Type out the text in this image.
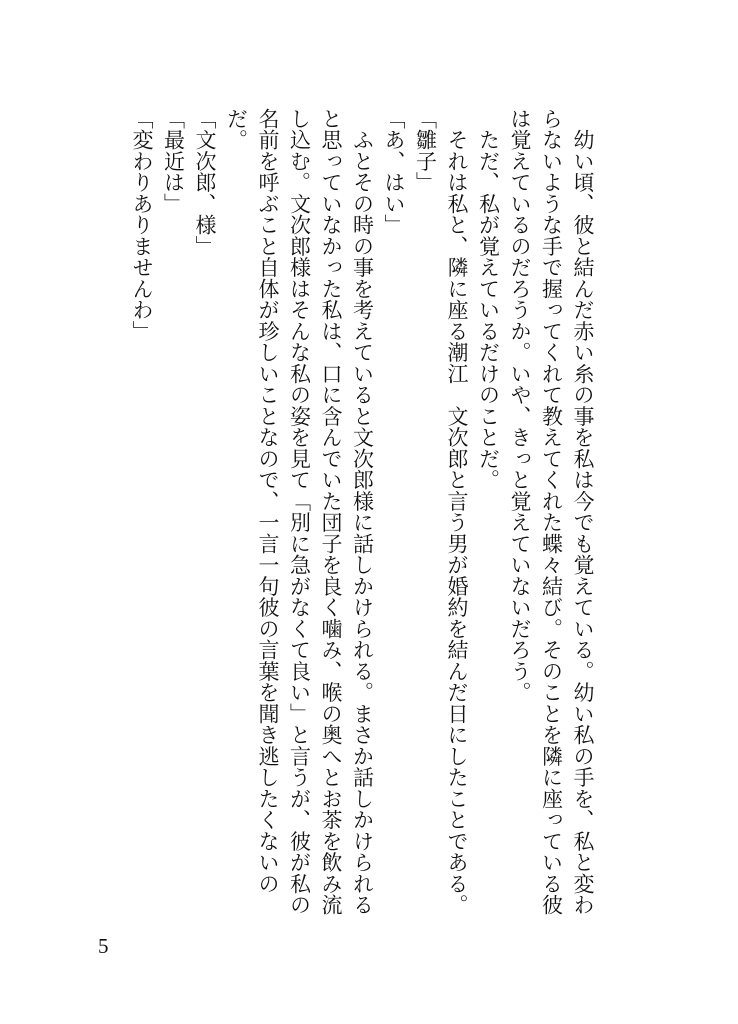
　幼い頃、彼と結んだ赤い糸の事を私は今でも覚えている。幼い私の手を、私と変わらないような手で握ってくれて教えてくれた蝶々結び。そのことを隣に座っている彼は覚えているのだろうか。いや、きっと覚えていないだろう。

　ただ、私が覚えているだけのことだ。

　それは私と、隣に座る潮江　文次郎と言う男が婚約を結んだ日にしたことである。

「雛子」

「あ、はい」

　ふとその時の事を考えていると文次郎様に話しかけられる。まさか話しかけられると思っていなかった私は、口に含んでいた団子を良く噛み、喉の奥へとお茶を飲み流し込む。文次郎様はそんな私の姿を見て「別に急がなくて良い」と言うが、彼が私の名前を呼ぶこと自体が珍しいことなので、一言一句彼の言葉を聞き逃したくないのだ。

「文次郎、様」

「最近は」

「変わりありませんわ」

5
